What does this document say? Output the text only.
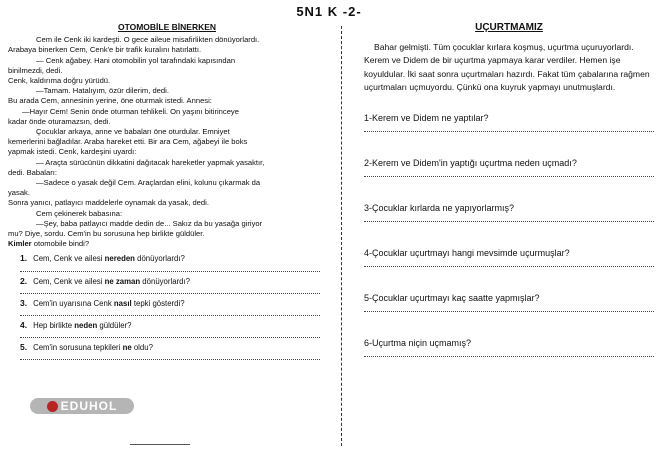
5N1 K -2-
OTOMOBİLE BİNERKEN
Cem ile Cenk iki kardeşti. O gece aileue misafirlikten dönüyorlardı.
Arabaya binerken Cem, Cenk'e bir trafik kuralını hatırlattı.
— Cenk ağabey. Hani otomobilin yol tarafındaki kapısından
binilmezdi, dedi.
Cenk, kaldırıma doğru yürüdü.
—Tamam. Hatalıyım, özür dilerim, dedi.
Bu arada Cem, annesinin yerine, öne oturmak istedi. Annesi:
—Hayır Cem! Senin önde oturman tehlikeli. On yaşını bitirinceye
kadar önde oturamazsın, dedi.
Çocuklar arkaya, anne ve babaları öne oturdular. Emniyet
kemerlerini bağladılar. Araba hareket etti. Bir ara Cem, ağabeyi ile boks
yapmak istedi. Cenk, kardeşini uyardı:
— Araçta sürücünün dikkatini dağıtacak hareketler yapmak yasaktır,
dedi. Babaları:
—Sadece o yasak değil Cem. Araçlardan elini, kolunu çıkarmak da
yasak.
Sonra yanıcı, patlayıcı maddelerle oynamak da yasak, dedi.
Cem çekinerek babasına:
—Şey, baba patlayıcı madde dedin de... Sakız da bu yasağa giriyor
mu? Diye, sordu. Cem'in bu sorusuna hep birlikte güldüler.
Kimler otomobile bindi?
1. Cem, Cenk ve ailesi nereden dönüyorlardı?
2. Cem, Cenk ve ailesi ne zaman dönüyorlardı?
3. Cem'in uyarısına Cenk nasıl tepki gösterdi?
4. Hep birlikte neden güldüler?
5. Cem'in sorusuna tepkileri ne oldu?
UÇURTMAMIZ
Bahar gelmişti. Tüm çocuklar kırlara koşmuş, uçurtma uçuruyorlardı. Kerem ve Didem de bir uçurtma yapmaya karar verdiler. Hemen işe koyuldular. İki saat sonra uçurtmaları hazırdı. Fakat tüm çabalarına rağmen uçurtmaları uçmuyordu. Çünkü ona kuyruk yapmayı unutmuşlardı.
1-Kerem ve Didem ne yaptılar?
2-Kerem ve Didem'in yaptığı uçurtma neden uçmadı?
3-Çocuklar kırlarda ne yapıyorlarmış?
4-Çocuklar uçurtmayı hangi mevsimde uçurmuşlar?
5-Çocuklar uçurtmayı kaç saatte yapmışlar?
6-Uçurtma niçin uçmamış?
EDUHOL
